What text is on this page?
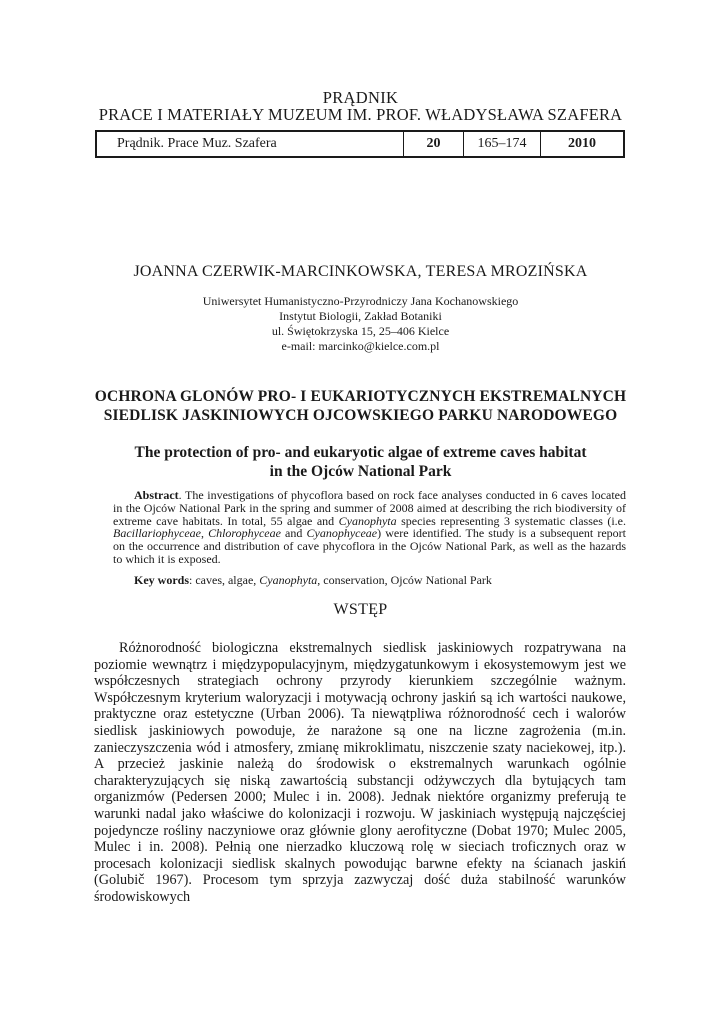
PRĄDNIK
PRACE I MATERIAŁY MUZEUM IM. PROF. WŁADYSŁAWA SZAFERA
Prądnik. Prace Muz. Szafera	20	165–174	2010
JOANNA CZERWIK-MARCINKOWSKA, TERESA MROZIŃSKA
Uniwersytet Humanistyczno-Przyrodniczy Jana Kochanowskiego
Instytut Biologii, Zakład Botaniki
ul. Świętokrzyska 15, 25–406 Kielce
e-mail: marcinko@kielce.com.pl
OCHRONA GLONÓW PRO- I EUKARIOTYCZNYCH EKSTREMALNYCH
SIEDLISK JASKINIOWYCH OJCOWSKIEGO PARKU NARODOWEGO
The protection of pro- and eukaryotic algae of extreme caves habitat
in the Ojców National Park

Abstract. The investigations of phycoflora based on rock face analyses conducted in 6 caves located in the Ojców National Park in the spring and summer of 2008 aimed at describing the rich biodiversity of extreme cave habitats. In total, 55 algae and Cyanophyta species representing 3 systematic classes (i.e. Bacillariophyceae, Chlorophyceae and Cyanophyceae) were identified. The study is a subsequent report on the occurrence and distribution of cave phycoflora in the Ojców National Park, as well as the hazards to which it is exposed.

Key words: caves, algae, Cyanophyta, conservation, Ojców National Park
WSTĘP

Różnorodność biologiczna ekstremalnych siedlisk jaskiniowych rozpatrywana na poziomie wewnątrz i międzypopulacyjnym, międzygatunkowym i ekosystemowym jest we współczesnych strategiach ochrony przyrody kierunkiem szczególnie ważnym. Współczesnym kryterium waloryzacji i motywacją ochrony jaskiń są ich wartości naukowe, praktyczne oraz estetyczne (Urban 2006). Ta niewątpliwa różnorodność cech i walorów siedlisk jaskiniowych powoduje, że narażone są one na liczne zagrożenia (m.in. zanieczyszczenia wód i atmosfery, zmianę mikroklimatu, niszczenie szaty naciekowej, itp.). A przecież jaskinie należą do środowisk o ekstremalnych warunkach ogólnie charakteryzujących się niską zawartością substancji odżywczych dla bytujących tam organizmów (Pedersen 2000; Mulec i in. 2008). Jednak niektóre organizmy preferują te warunki nadal jako właściwe do kolonizacji i rozwoju. W jaskiniach występują najczęściej pojedyncze rośliny naczyniowe oraz głównie glony aerofityczne (Dobat 1970; Mulec 2005, Mulec i in. 2008). Pełnią one nierzadko kluczową rolę w sieciach troficznych oraz w procesach kolonizacji siedlisk skalnych powodując barwne efekty na ścianach jaskiń (Golubič 1967). Procesom tym sprzyja zazwyczaj dość duża stabilność warunków środowiskowych
